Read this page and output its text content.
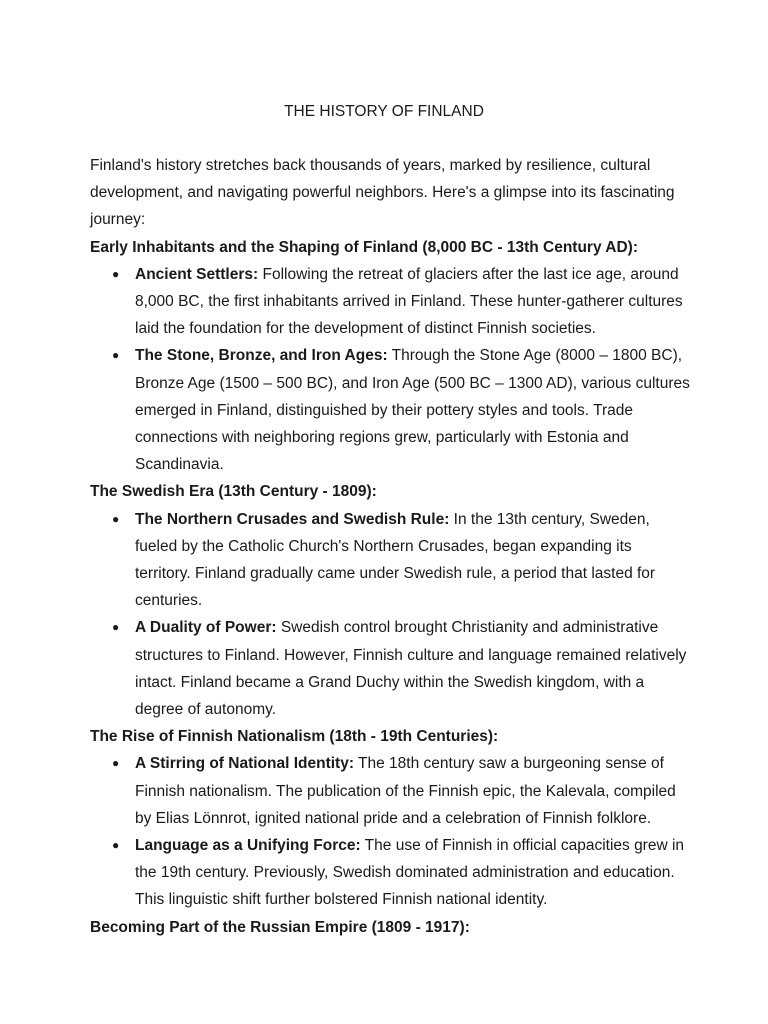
THE HISTORY OF FINLAND

Finland's history stretches back thousands of years, marked by resilience, cultural development, and navigating powerful neighbors. Here's a glimpse into its fascinating journey:

Early Inhabitants and the Shaping of Finland (8,000 BC - 13th Century AD):

● Ancient Settlers: Following the retreat of glaciers after the last ice age, around 8,000 BC, the first inhabitants arrived in Finland. These hunter-gatherer cultures laid the foundation for the development of distinct Finnish societies.
● The Stone, Bronze, and Iron Ages: Through the Stone Age (8000 – 1800 BC), Bronze Age (1500 – 500 BC), and Iron Age (500 BC – 1300 AD), various cultures emerged in Finland, distinguished by their pottery styles and tools. Trade connections with neighboring regions grew, particularly with Estonia and Scandinavia.

The Swedish Era (13th Century - 1809):

● The Northern Crusades and Swedish Rule: In the 13th century, Sweden, fueled by the Catholic Church's Northern Crusades, began expanding its territory. Finland gradually came under Swedish rule, a period that lasted for centuries.
● A Duality of Power: Swedish control brought Christianity and administrative structures to Finland. However, Finnish culture and language remained relatively intact. Finland became a Grand Duchy within the Swedish kingdom, with a degree of autonomy.

The Rise of Finnish Nationalism (18th - 19th Centuries):

● A Stirring of National Identity: The 18th century saw a burgeoning sense of Finnish nationalism. The publication of the Finnish epic, the Kalevala, compiled by Elias Lönnrot, ignited national pride and a celebration of Finnish folklore.
● Language as a Unifying Force: The use of Finnish in official capacities grew in the 19th century. Previously, Swedish dominated administration and education. This linguistic shift further bolstered Finnish national identity.

Becoming Part of the Russian Empire (1809 - 1917):
